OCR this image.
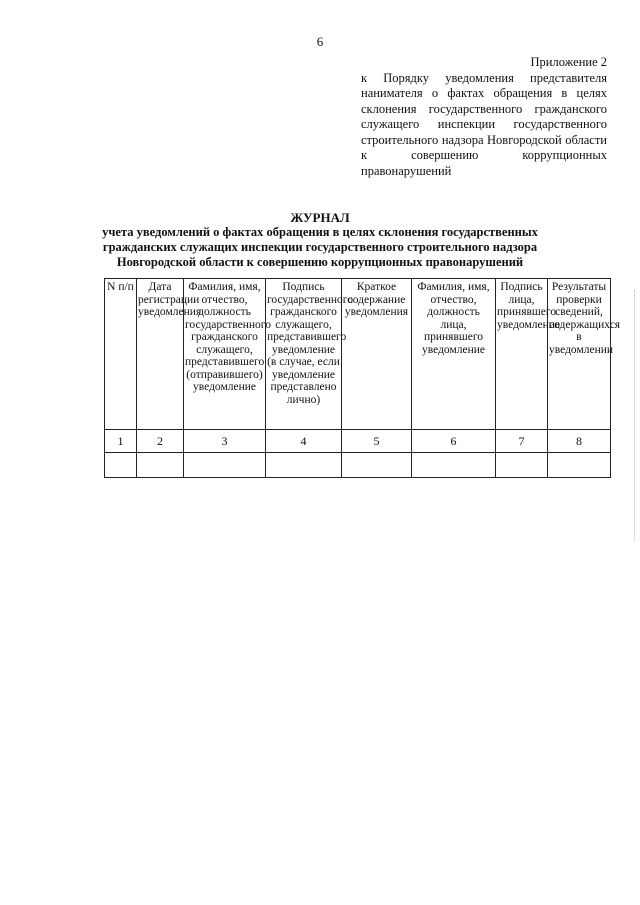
6
Приложение 2
к Порядку уведомления представителя нанимателя о фактах обращения в целях склонения государственного гражданского служащего инспекции государственного строительного надзора Новгородской области к совершению коррупционных правонарушений
ЖУРНАЛ
учета уведомлений о фактах обращения в целях склонения государственных
гражданских служащих инспекции государственного строительного надзора
Новгородской области к совершению коррупционных правонарушений
N п/п	Дата регистрации уведомления	Фамилия, имя, отчество, должность государственного гражданского служащего, представившего (отправившего) уведомление	Подпись государственного гражданского служащего, представившего уведомление (в случае, если уведомление представлено лично)	Краткое содержание уведомления	Фамилия, имя, отчество, должность лица, принявшего уведомление	Подпись лица, принявшего уведомление	Результаты проверки сведений, содержащихся в уведомлении
1	2	3	4	5	6	7	8
